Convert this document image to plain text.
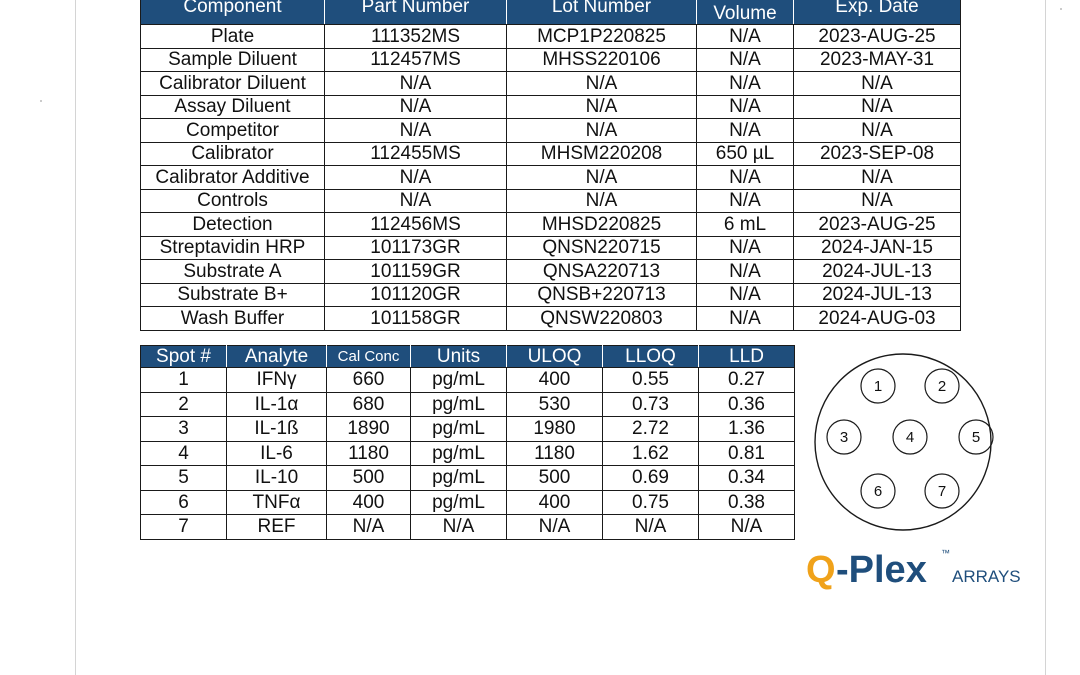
Component	Part Number	Lot Number	Volume	Exp. Date

Plate	111352MS	MCP1P220825	N/A	2023-AUG-25
Sample Diluent	112457MS	MHSS220106	N/A	2023-MAY-31
Calibrator Diluent	N/A	N/A	N/A	N/A
Assay Diluent	N/A	N/A	N/A	N/A
Competitor	N/A	N/A	N/A	N/A
Calibrator	112455MS	MHSM220208	650 µL	2023-SEP-08
Calibrator Additive	N/A	N/A	N/A	N/A
Controls	N/A	N/A	N/A	N/A
Detection	112456MS	MHSD220825	6 mL	2023-AUG-25
Streptavidin HRP	101173GR	QNSN220715	N/A	2024-JAN-15
Substrate A	101159GR	QNSA220713	N/A	2024-JUL-13
Substrate B+	101120GR	QNSB+220713	N/A	2024-JUL-13
Wash Buffer	101158GR	QNSW220803	N/A	2024-AUG-03
Spot #	Analyte	Cal Conc	Units	ULOQ	LLOQ	LLD
1	IFNγ	660	pg/mL	400	0.55	0.27
2	IL-1α	680	pg/mL	530	0.73	0.36
3	IL-1ß	1890	pg/mL	1980	2.72	1.36
4	IL-6	1180	pg/mL	1180	1.62	0.81
5	IL-10	500	pg/mL	500	0.69	0.34
6	TNFα	400	pg/mL	400	0.75	0.38
7	REF	N/A	N/A	N/A	N/A	N/A
1	2
3	4	5
6	7
Q -Plex ™
ARRAYS
